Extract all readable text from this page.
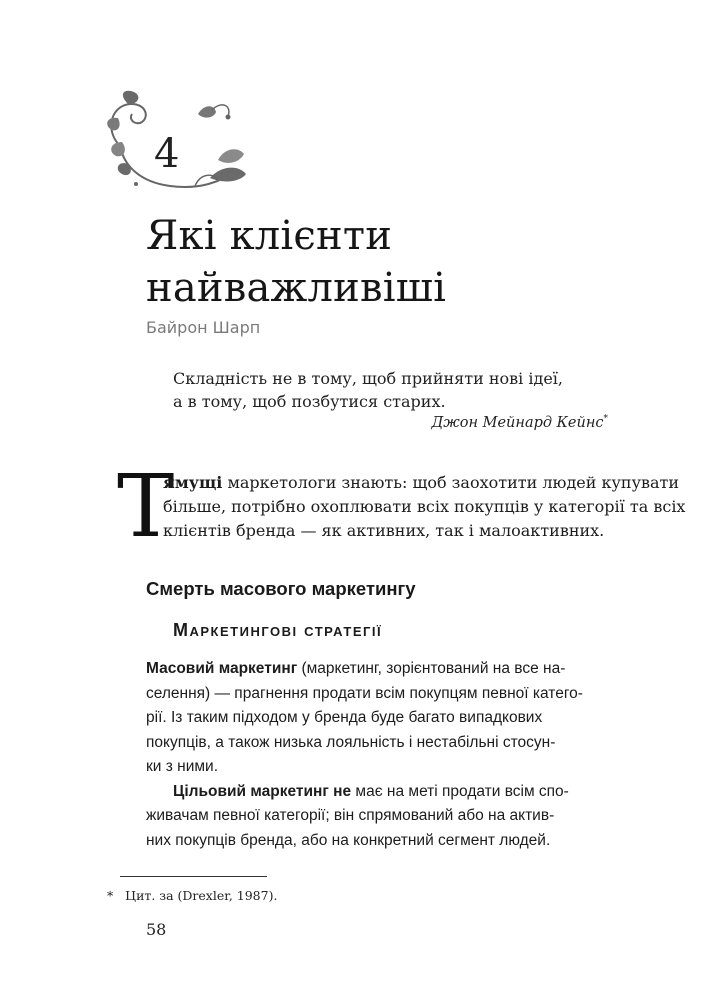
4
Які клієнти
найважливіші
Байрон Шарп
Складність не в тому, щоб прийняти нові ідеї,
а в тому, щоб позбутися старих.
Джон Мейнард Кейнс*
Т
ямущі маркетологи знають: щоб заохотити людей купувати
більше, потрібно охоплювати всіх покупців у категорії та всіх
клієнтів бренда — як активних, так і малоактивних.
Смерть масового маркетингу
Маркетингові стратегії
Масовий маркетинг (маркетинг, зорієнтований на все на-
селення) — прагнення продати всім покупцям певної катего-
рії. Із таким підходом у бренда буде багато випадкових
покупців, а також низька лояльність і нестабільні стосун-
ки з ними.
Цільовий маркетинг не має на меті продати всім спо-
живачам певної категорії; він спрямований або на актив-
них покупців бренда, або на конкретний сегмент людей.
* Цит. за (Drexler, 1987).
58
